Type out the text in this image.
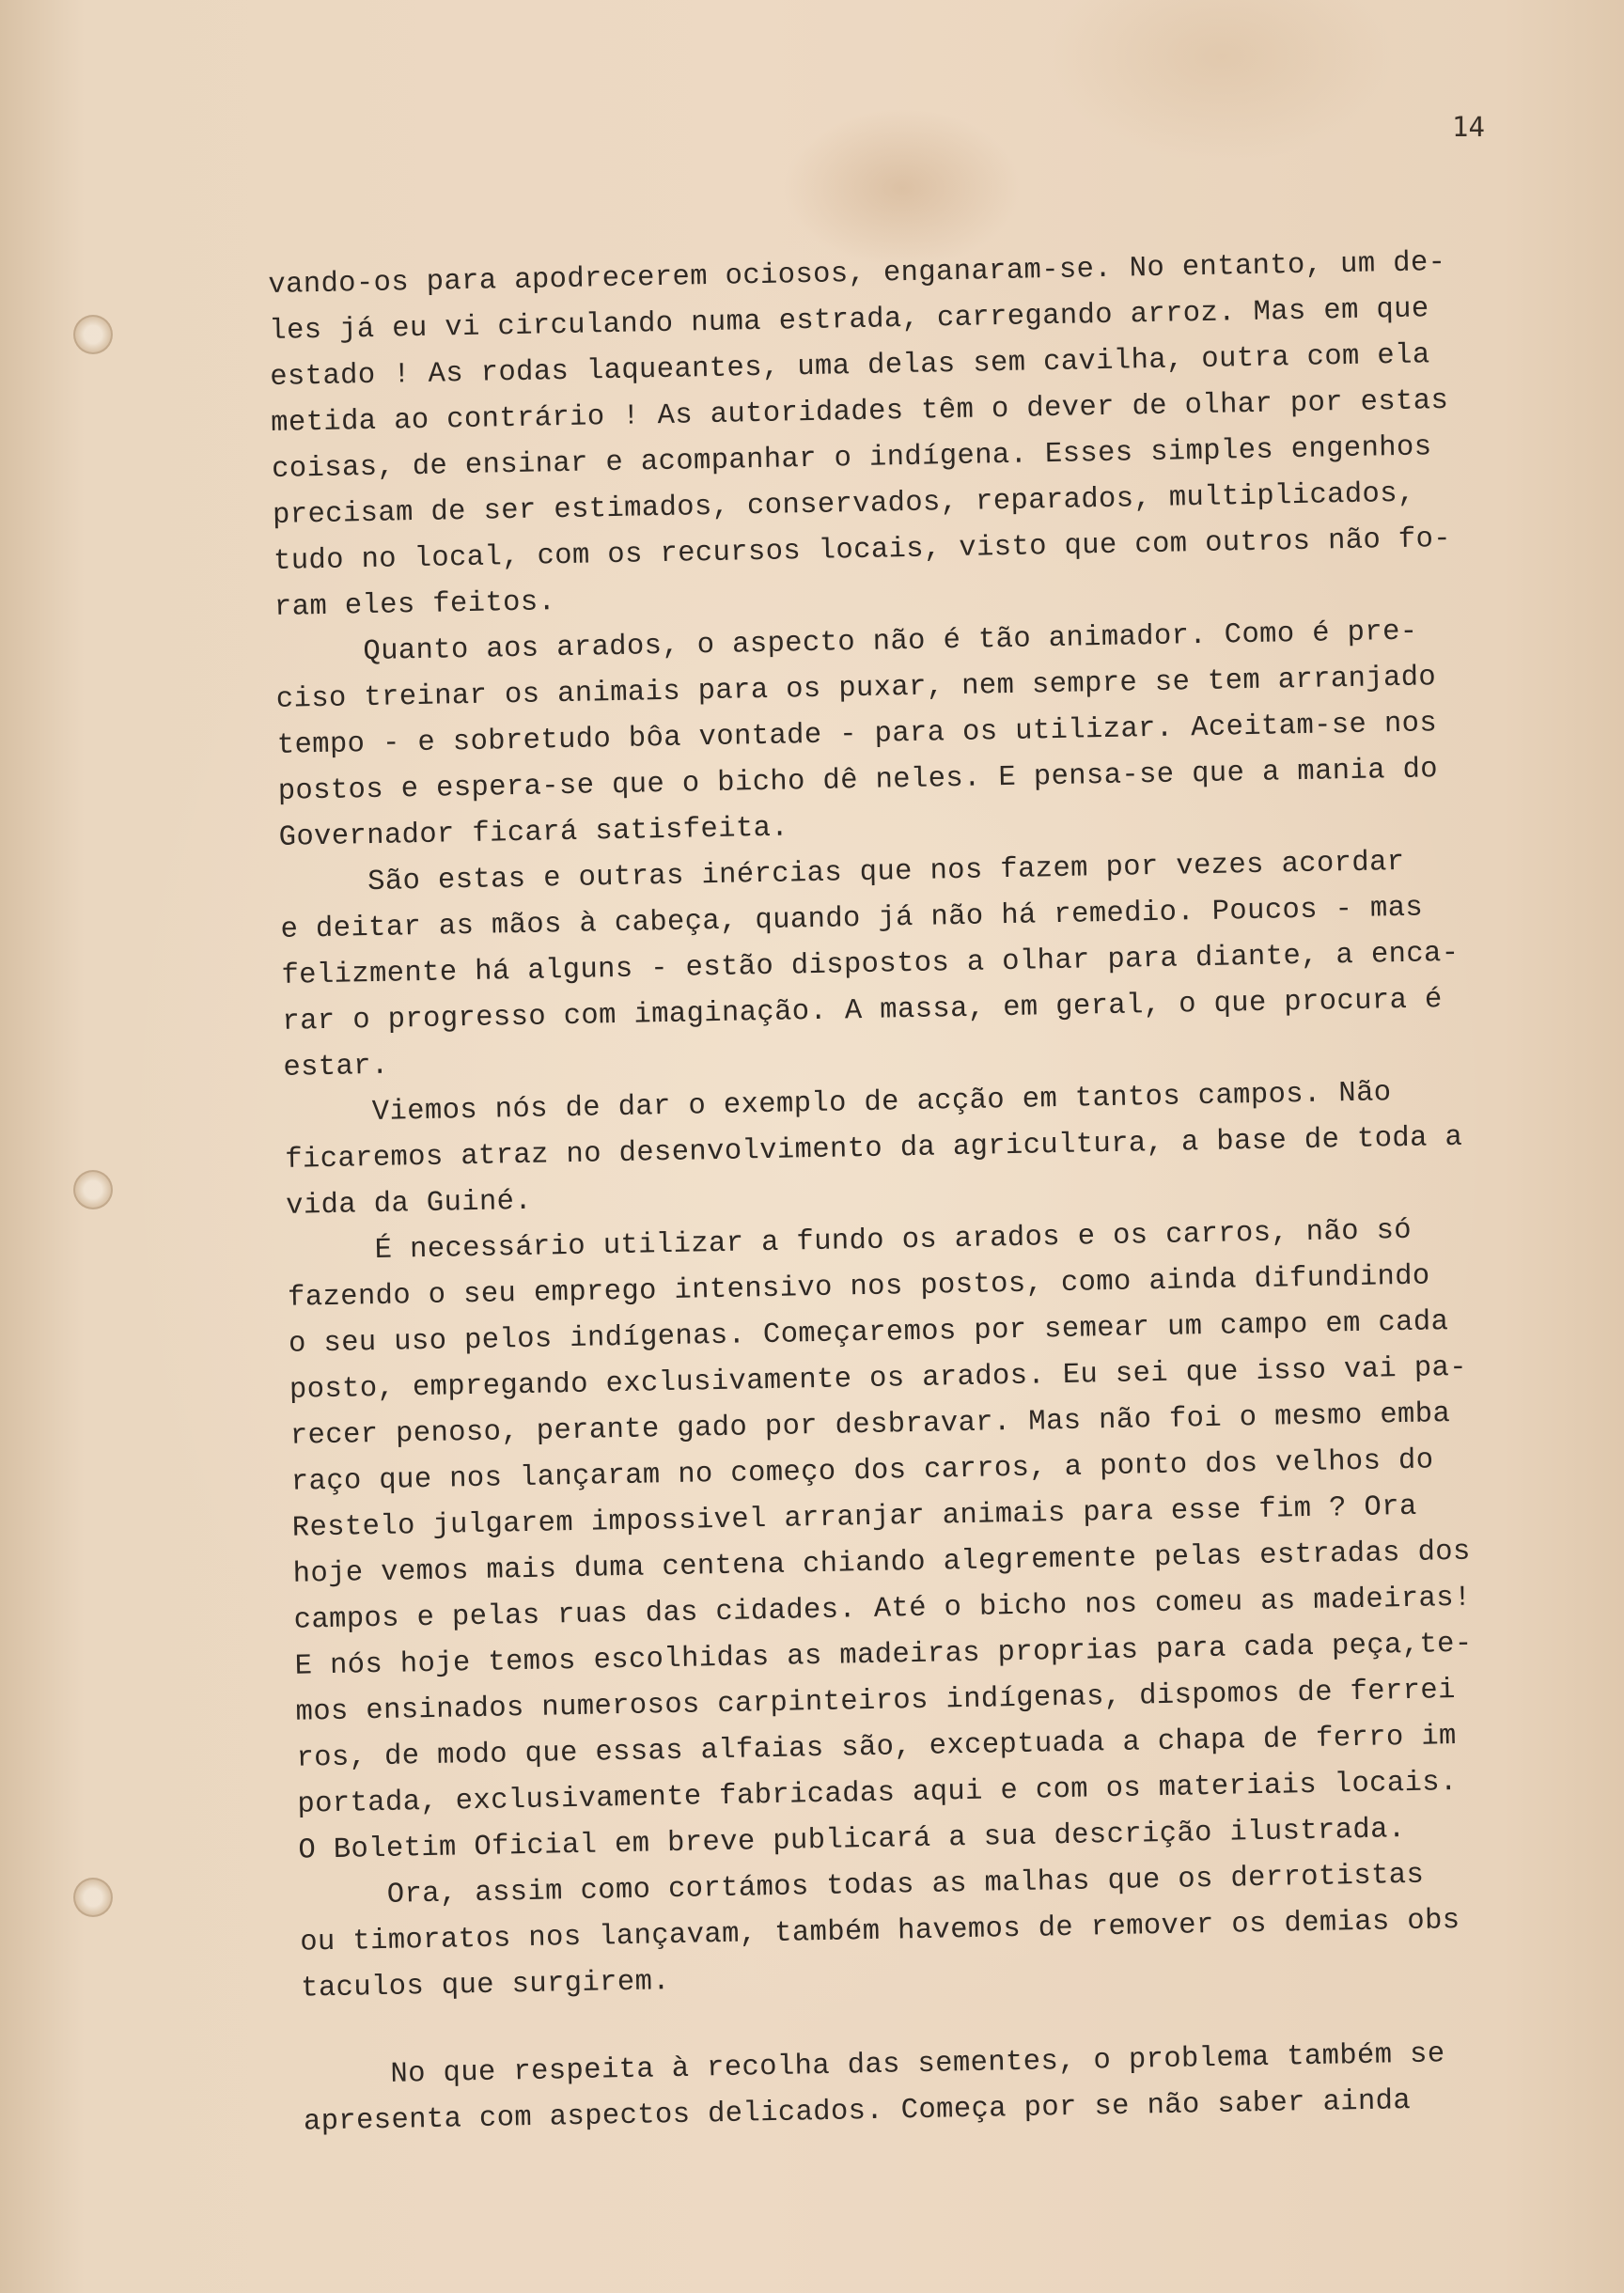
14
vando-os para apodrecerem ociosos, enganaram-se. No entanto, um de-
les já eu vi circulando numa estrada, carregando arroz. Mas em que
estado ! As rodas laqueantes, uma delas sem cavilha, outra com ela
metida ao contrário ! As autoridades têm o dever de olhar por estas
coisas, de ensinar e acompanhar o indígena. Esses simples engenhos
precisam de ser estimados, conservados, reparados, multiplicados,
tudo no local, com os recursos locais, visto que com outros não fo-
ram eles feitos.
Quanto aos arados, o aspecto não é tão animador. Como é pre-
ciso treinar os animais para os puxar, nem sempre se tem arranjado
tempo - e sobretudo bôa vontade - para os utilizar. Aceitam-se nos
postos e espera-se que o bicho dê neles. E pensa-se que a mania do
Governador ficará satisfeita.
São estas e outras inércias que nos fazem por vezes acordar
e deitar as mãos à cabeça, quando já não há remedio. Poucos - mas
felizmente há alguns - estão dispostos a olhar para diante, a enca-
rar o progresso com imaginação. A massa, em geral, o que procura é
estar.
Viemos nós de dar o exemplo de acção em tantos campos. Não
ficaremos atraz no desenvolvimento da agricultura, a base de toda a
vida da Guiné.
É necessário utilizar a fundo os arados e os carros, não só
fazendo o seu emprego intensivo nos postos, como ainda difundindo
o seu uso pelos indígenas. Começaremos por semear um campo em cada
posto, empregando exclusivamente os arados. Eu sei que isso vai pa-
recer penoso, perante gado por desbravar. Mas não foi o mesmo emba
raço que nos lançaram no começo dos carros, a ponto dos velhos do
Restelo julgarem impossivel arranjar animais para esse fim ? Ora
hoje vemos mais duma centena chiando alegremente pelas estradas dos
campos e pelas ruas das cidades. Até o bicho nos comeu as madeiras!
E nós hoje temos escolhidas as madeiras proprias para cada peça,te-
mos ensinados numerosos carpinteiros indígenas, dispomos de ferrei
ros, de modo que essas alfaias são, exceptuada a chapa de ferro im
portada, exclusivamente fabricadas aqui e com os materiais locais.
O Boletim Oficial em breve publicará a sua descrição ilustrada.
Ora, assim como cortámos todas as malhas que os derrotistas
ou timoratos nos lançavam, também havemos de remover os demias obs
taculos que surgirem.
No que respeita à recolha das sementes, o problema também se
apresenta com aspectos delicados. Começa por se não saber ainda
